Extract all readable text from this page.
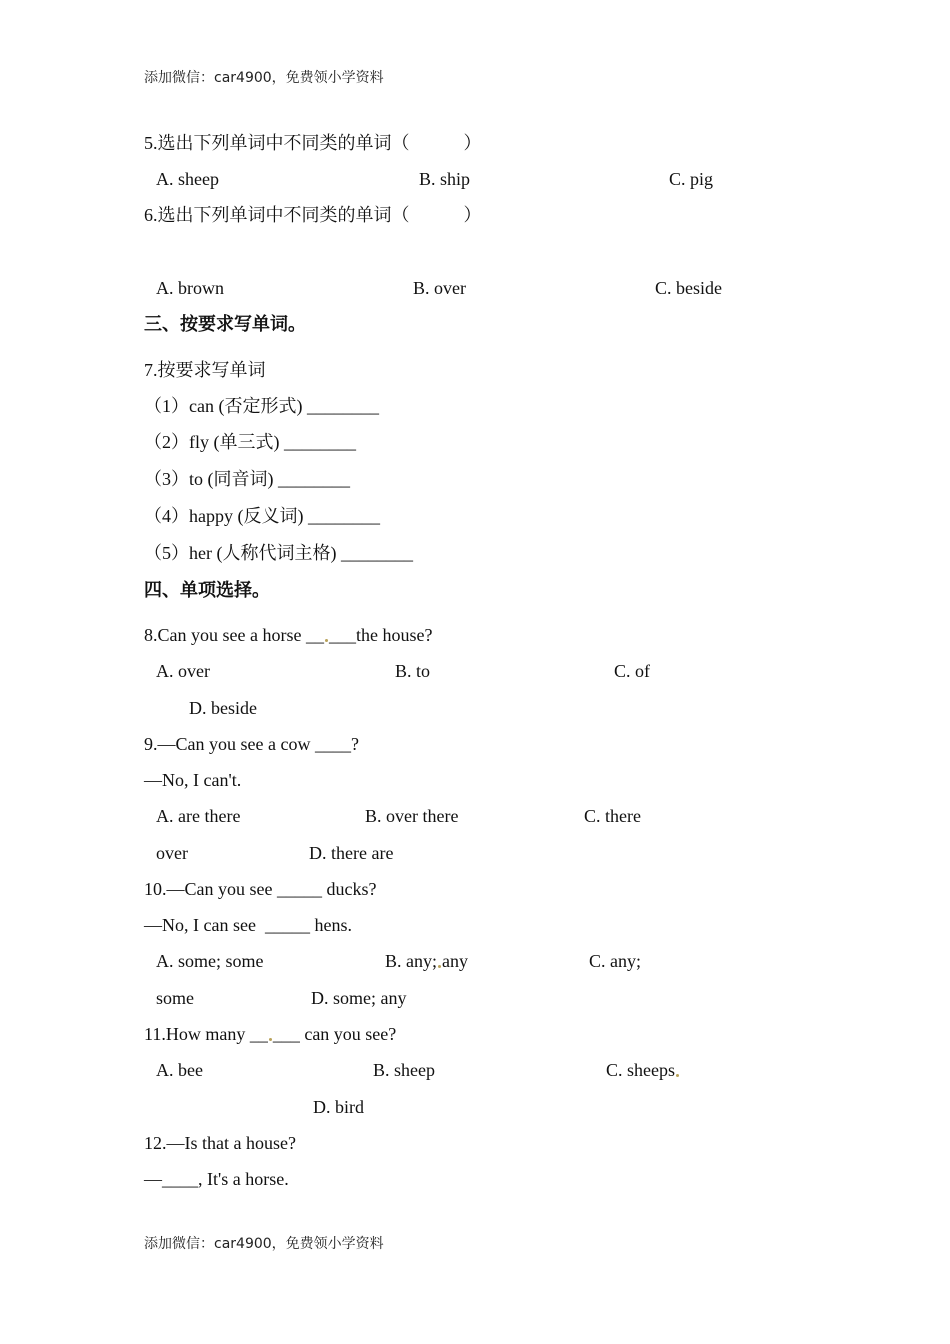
添加微信：car4900，免费领小学资料
5.选出下列单词中不同类的单词（　　　）
A. sheep	B. ship	C. pig
6.选出下列单词中不同类的单词（　　　）
A. brown	B. over	C. beside
三、按要求写单词。
7.按要求写单词
（1）can (否定形式) ________
（2）fly (单三式) ________
（3）to (同音词) ________
（4）happy (反义词) ________
（5）her (人称代词主格) ________
四、单项选择。
8.Can you see a horse __ ___the house?
A. over	B. to	C. of
D. beside
9.—Can you see a cow ____?
—No, I can't.
A. are there	B. over there	C. there
over	D. there are
10.—Can you see _____ ducks?
—No, I can see  _____ hens.
A. some; some	B. any; any	C. any;
some	D. some; any
11.How many __ ___ can you see?
A. bee	B. sheep	C. sheeps
D. bird
12.—Is that a house?
—____, It's a horse.
添加微信：car4900，免费领小学资料
